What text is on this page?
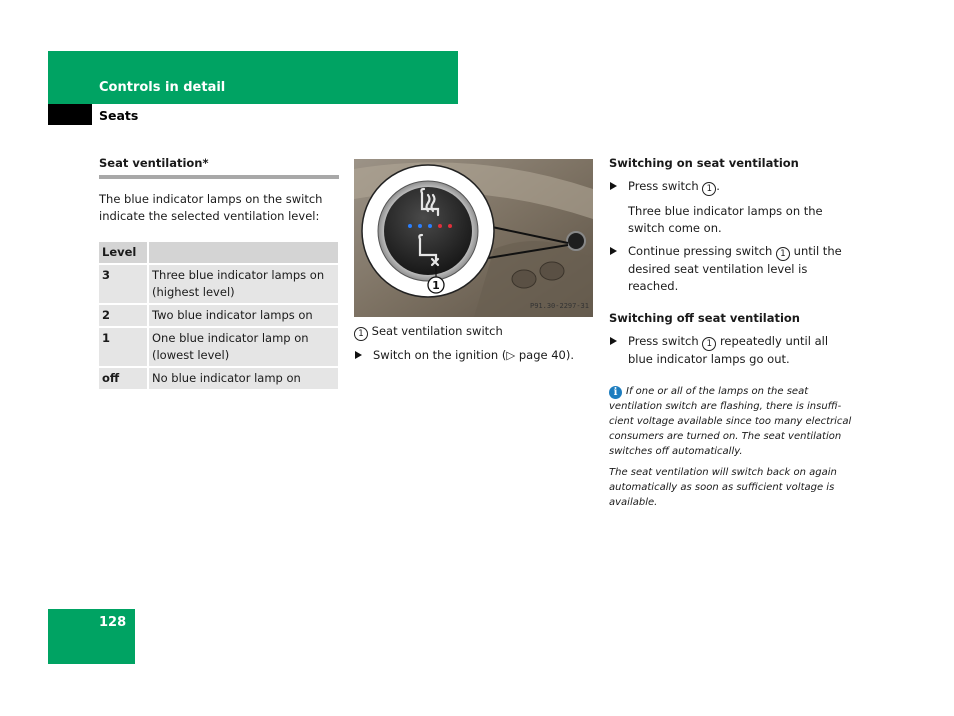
Controls in detail
Seats

Seat ventilation*

The blue indicator lamps on the switch indicate the selected ventilation level:

Level	
3	Three blue indicator lamps on (highest level)
2	Two blue indicator lamps on
1	One blue indicator lamp on (lowest level)
off	No blue indicator lamp on
1
P91.30-2297-31

1 Seat ventilation switch

Switch on the ignition (▷ page 40).

Switching on seat ventilation

Press switch 1 .

Three blue indicator lamps on the switch come on.

Continue pressing switch 1 until the desired seat ventilation level is reached.

Switching off seat ventilation

Press switch 1 repeatedly until all blue indicator lamps go out.

i If one or all of the lamps on the seat ventilation switch are flashing, there is insuffi-cient voltage available since too many electrical consumers are turned on. The seat ventilation switches off automatically.

The seat ventilation will switch back on again automatically as soon as sufficient voltage is available.

128
